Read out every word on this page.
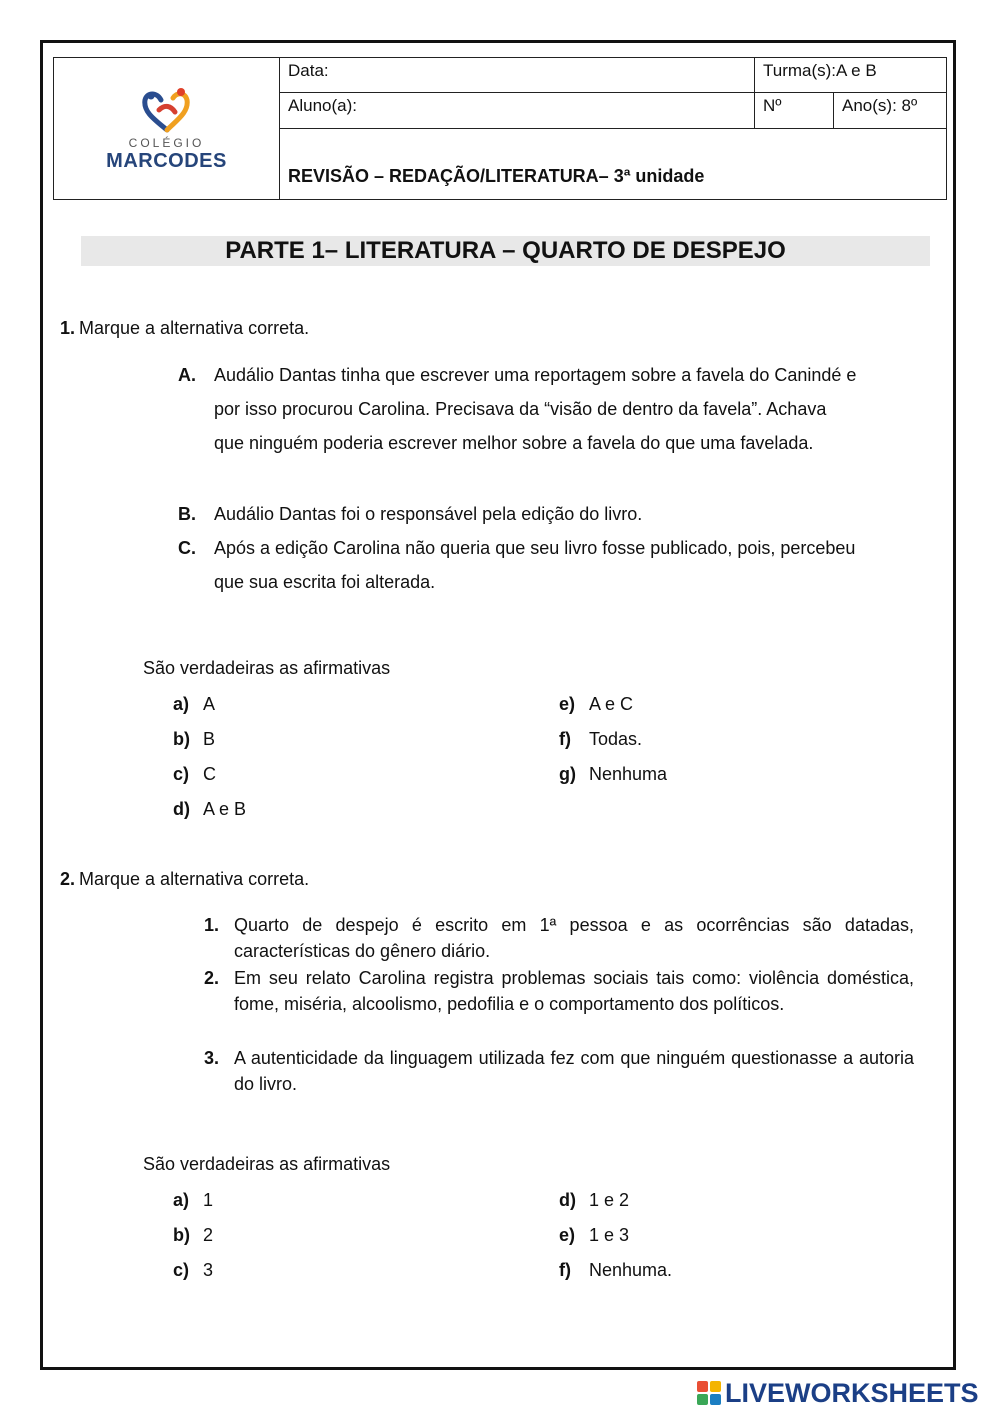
COLÉGIO
MARCODES	Data:	Turma(s):A e B	
	Aluno(a):	Nº	Ano(s): 8º
	REVISÃO – REDAÇÃO/LITERATURA– 3ª unidade		
PARTE 1– LITERATURA – QUARTO DE DESPEJO
1. Marque a alternativa correta.
A. Audálio Dantas tinha que escrever uma reportagem sobre a favela do Canindé e por isso procurou Carolina. Precisava da “visão de dentro da favela”. Achava que ninguém poderia escrever melhor sobre a favela do que uma favelada.
B. Audálio Dantas foi o responsável pela edição do livro.
C. Após a edição Carolina não queria que seu livro fosse publicado, pois, percebeu que sua escrita foi alterada.
São verdadeiras as afirmativas
a) A
b) B
c) C
d) A e B
e) A e C
f) Todas.
g) Nenhuma
2. Marque a alternativa correta.
1. Quarto de despejo é escrito em 1ª pessoa e as ocorrências são datadas, características do gênero diário.
2. Em seu relato Carolina registra problemas sociais tais como: violência doméstica, fome, miséria, alcoolismo, pedofilia e o comportamento dos políticos.
3. A autenticidade da linguagem utilizada fez com que ninguém questionasse a autoria do livro.
São verdadeiras as afirmativas
a) 1
b) 2
c) 3
d) 1 e 2
e) 1 e 3
f) Nenhuma.
LIVEWORKSHEETS
